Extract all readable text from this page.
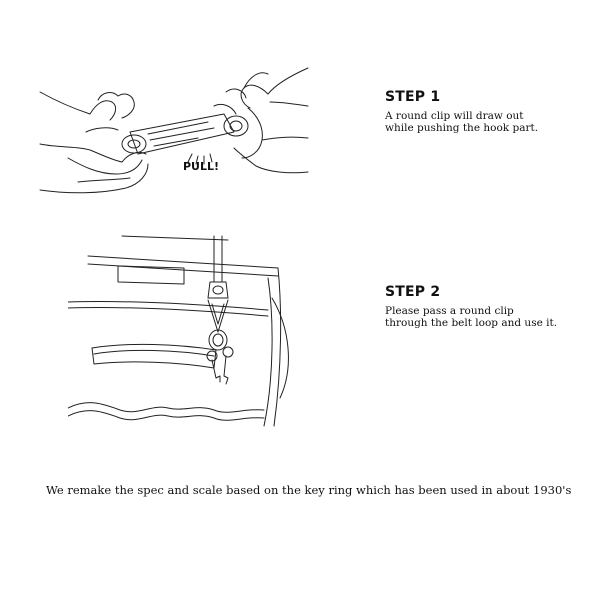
PULL!
STEP 1

A round clip will draw out
while pushing the hook part.

STEP 2

Please pass a round clip
through the belt loop and use it.

We remake the spec and scale based on the key ring which has been used in about 1930's
